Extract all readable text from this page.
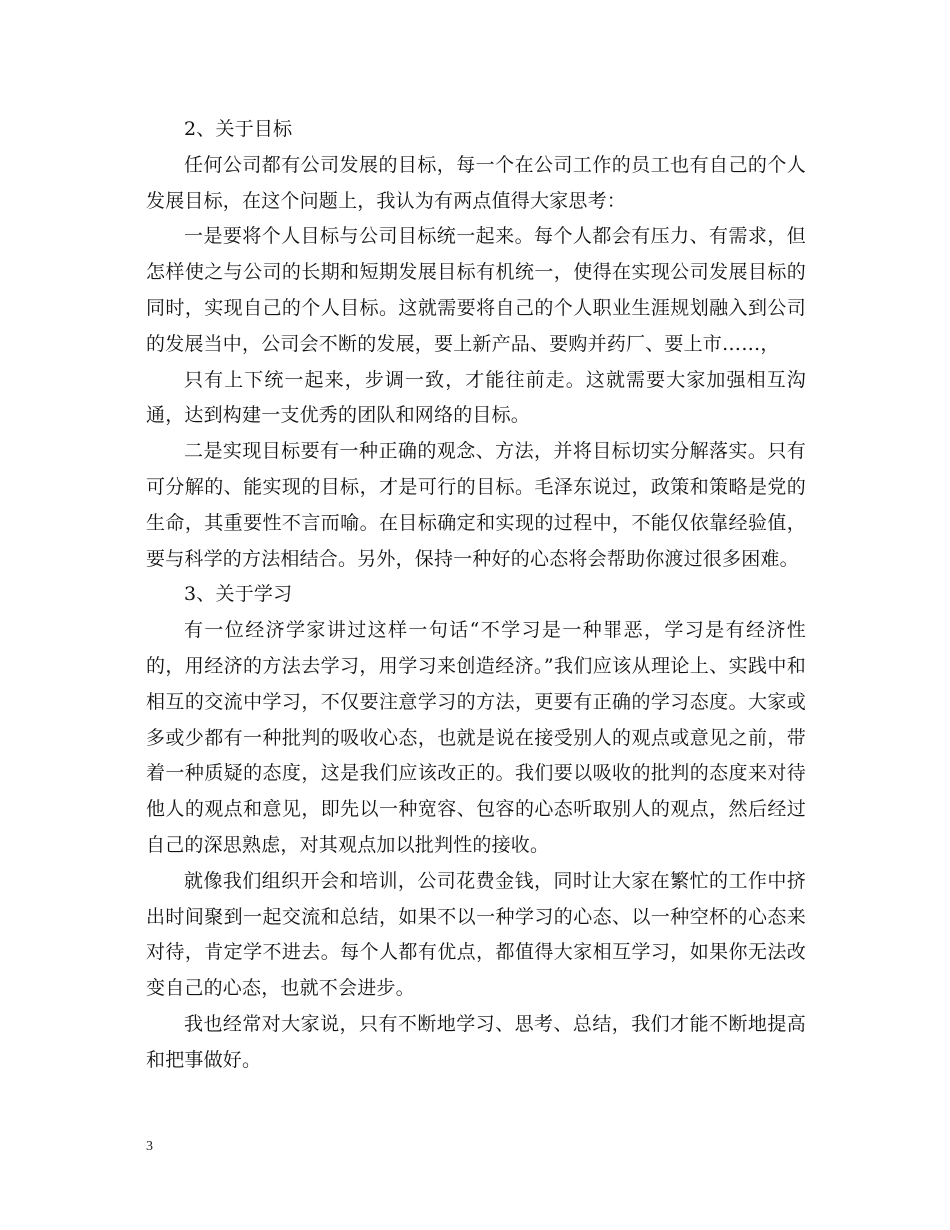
2、关于目标

任何公司都有公司发展的目标，每一个在公司工作的员工也有自己的个人发展目标，在这个问题上，我认为有两点值得大家思考：

一是要将个人目标与公司目标统一起来。每个人都会有压力、有需求，但怎样使之与公司的长期和短期发展目标有机统一，使得在实现公司发展目标的同时，实现自己的个人目标。这就需要将自己的个人职业生涯规划融入到公司的发展当中，公司会不断的发展，要上新产品、要购并药厂、要上市……，

只有上下统一起来，步调一致，才能往前走。这就需要大家加强相互沟通，达到构建一支优秀的团队和网络的目标。

二是实现目标要有一种正确的观念、方法，并将目标切实分解落实。只有可分解的、能实现的目标，才是可行的目标。毛泽东说过，政策和策略是党的生命，其重要性不言而喻。在目标确定和实现的过程中，不能仅依靠经验值，要与科学的方法相结合。另外，保持一种好的心态将会帮助你渡过很多困难。

3、关于学习

有一位经济学家讲过这样一句话“不学习是一种罪恶，学习是有经济性的，用经济的方法去学习，用学习来创造经济。”我们应该从理论上、实践中和相互的交流中学习，不仅要注意学习的方法，更要有正确的学习态度。大家或多或少都有一种批判的吸收心态，也就是说在接受别人的观点或意见之前，带着一种质疑的态度，这是我们应该改正的。我们要以吸收的批判的态度来对待他人的观点和意见，即先以一种宽容、包容的心态听取别人的观点，然后经过自己的深思熟虑，对其观点加以批判性的接收。

就像我们组织开会和培训，公司花费金钱，同时让大家在繁忙的工作中挤出时间聚到一起交流和总结，如果不以一种学习的心态、以一种空杯的心态来对待，肯定学不进去。每个人都有优点，都值得大家相互学习，如果你无法改变自己的心态，也就不会进步。

我也经常对大家说，只有不断地学习、思考、总结，我们才能不断地提高和把事做好。

3
